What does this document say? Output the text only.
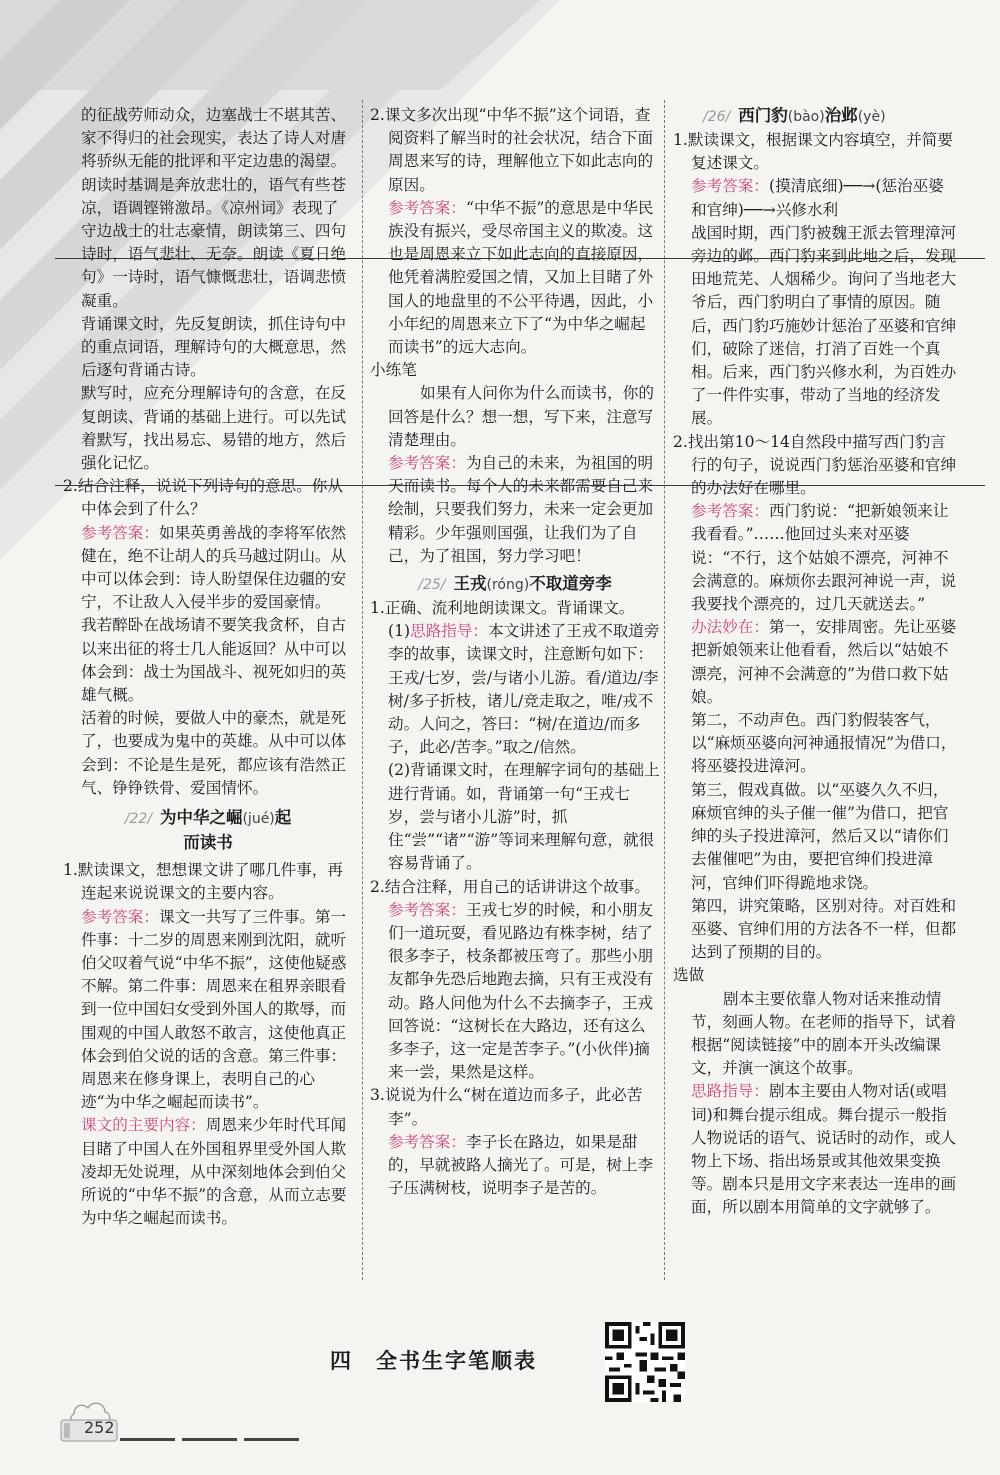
的征战劳师动众，边塞战士不堪其苦、家不得归的社会现实，表达了诗人对唐将骄纵无能的批评和平定边患的渴望。朗读时基调是奔放悲壮的，语气有些苍凉，语调铿锵激昂。《凉州词》表现了守边战士的壮志豪情，朗读第三、四句诗时，语气悲壮、无奈。朗读《夏日绝句》一诗时，语气慷慨悲壮，语调悲愤凝重。

背诵课文时，先反复朗读，抓住诗句中的重点词语，理解诗句的大概意思，然后逐句背诵古诗。

默写时，应充分理解诗句的含意，在反复朗读、背诵的基础上进行。可以先试着默写，找出易忘、易错的地方，然后强化记忆。

2.结合注释，说说下列诗句的意思。你从中体会到了什么？

参考答案：如果英勇善战的李将军依然健在，绝不让胡人的兵马越过阴山。从中可以体会到：诗人盼望保住边疆的安宁，不让敌人入侵半步的爱国豪情。

我若醉卧在战场请不要笑我贪杯，自古以来出征的将士几人能返回？从中可以体会到：战士为国战斗、视死如归的英雄气概。

活着的时候，要做人中的豪杰，就是死了，也要成为鬼中的英雄。从中可以体会到：不论是生是死，都应该有浩然正气、铮铮铁骨、爱国情怀。

/22/ 为中华之崛(jué)起
而读书

1.默读课文，想想课文讲了哪几件事，再连起来说说课文的主要内容。

参考答案：课文一共写了三件事。第一件事：十二岁的周恩来刚到沈阳，就听伯父叹着气说“中华不振”，这使他疑惑不解。第二件事：周恩来在租界亲眼看到一位中国妇女受到外国人的欺辱，而围观的中国人敢怒不敢言，这使他真正体会到伯父说的话的含意。第三件事：周恩来在修身课上，表明自己的心迹“为中华之崛起而读书”。

课文的主要内容：周恩来少年时代耳闻目睹了中国人在外国租界里受外国人欺凌却无处说理，从中深刻地体会到伯父所说的“中华不振”的含意，从而立志要为中华之崛起而读书。

2.课文多次出现“中华不振”这个词语，查阅资料了解当时的社会状况，结合下面周恩来写的诗，理解他立下如此志向的原因。

参考答案：“中华不振”的意思是中华民族没有振兴，受尽帝国主义的欺凌。这也是周恩来立下如此志向的直接原因，他凭着满腔爱国之情，又加上目睹了外国人的地盘里的不公平待遇，因此，小小年纪的周恩来立下了“为中华之崛起而读书”的远大志向。

小练笔

如果有人问你为什么而读书，你的回答是什么？想一想，写下来，注意写清楚理由。

参考答案：为自己的未来，为祖国的明天而读书。每个人的未来都需要自己来绘制，只要我们努力，未来一定会更加精彩。少年强则国强，让我们为了自己，为了祖国，努力学习吧！

/25/ 王戎(róng)不取道旁李

1.正确、流利地朗读课文。背诵课文。

(1)思路指导：本文讲述了王戎不取道旁李的故事，读课文时，注意断句如下：

王戎/七岁，尝/与诸小儿游。看/道边/李树/多子折枝，诸儿/竞走取之，唯/戎不动。人问之，答曰：“树/在道边/而多子，此必/苦李。”取之/信然。

(2)背诵课文时，在理解字词句的基础上进行背诵。如，背诵第一句“王戎七岁，尝与诸小儿游”时，抓住“尝”“诸”“游”等词来理解句意，就很容易背诵了。

2.结合注释，用自己的话讲讲这个故事。

参考答案：王戎七岁的时候，和小朋友们一道玩耍，看见路边有株李树，结了很多李子，枝条都被压弯了。那些小朋友都争先恐后地跑去摘，只有王戎没有动。路人问他为什么不去摘李子，王戎回答说：“这树长在大路边，还有这么多李子，这一定是苦李子。”(小伙伴)摘来一尝，果然是这样。

3.说说为什么“树在道边而多子，此必苦李”。

参考答案：李子长在路边，如果是甜的，早就被路人摘光了。可是，树上李子压满树枝，说明李子是苦的。

/26/ 西门豹(bào)治邺(yè)

1.默读课文，根据课文内容填空，并简要复述课文。

参考答案：(摸清底细)──→(惩治巫婆和官绅)──→兴修水利

战国时期，西门豹被魏王派去管理漳河旁边的邺。西门豹来到此地之后，发现田地荒芜、人烟稀少。询问了当地老大爷后，西门豹明白了事情的原因。随后，西门豹巧施妙计惩治了巫婆和官绅们，破除了迷信，打消了百姓一个真相。后来，西门豹兴修水利，为百姓办了一件件实事，带动了当地的经济发展。

2.找出第10～14自然段中描写西门豹言行的句子，说说西门豹惩治巫婆和官绅的办法好在哪里。

参考答案：西门豹说：“把新娘领来让我看看。”……他回过头来对巫婆说：“不行，这个姑娘不漂亮，河神不会满意的。麻烦你去跟河神说一声，说我要找个漂亮的，过几天就送去。”

办法妙在：第一，安排周密。先让巫婆把新娘领来让他看看，然后以“姑娘不漂亮，河神不会满意的”为借口救下姑娘。

第二，不动声色。西门豹假装客气，以“麻烦巫婆向河神通报情况”为借口，将巫婆投进漳河。

第三，假戏真做。以“巫婆久久不归，麻烦官绅的头子催一催”为借口，把官绅的头子投进漳河，然后又以“请你们去催催吧”为由，要把官绅们投进漳河，官绅们吓得跪地求饶。

第四，讲究策略，区别对待。对百姓和巫婆、官绅们用的方法各不一样，但都达到了预期的目的。

选做

剧本主要依靠人物对话来推动情节，刻画人物。在老师的指导下，试着根据“阅读链接”中的剧本开头改编课文，并演一演这个故事。

思路指导：剧本主要由人物对话(或唱词)和舞台提示组成。舞台提示一般指人物说话的语气、说话时的动作，或人物上下场、指出场景或其他效果变换等。剧本只是用文字来表达一连串的画面，所以剧本用简单的文字就够了。

四　全书生字笔顺表
252
